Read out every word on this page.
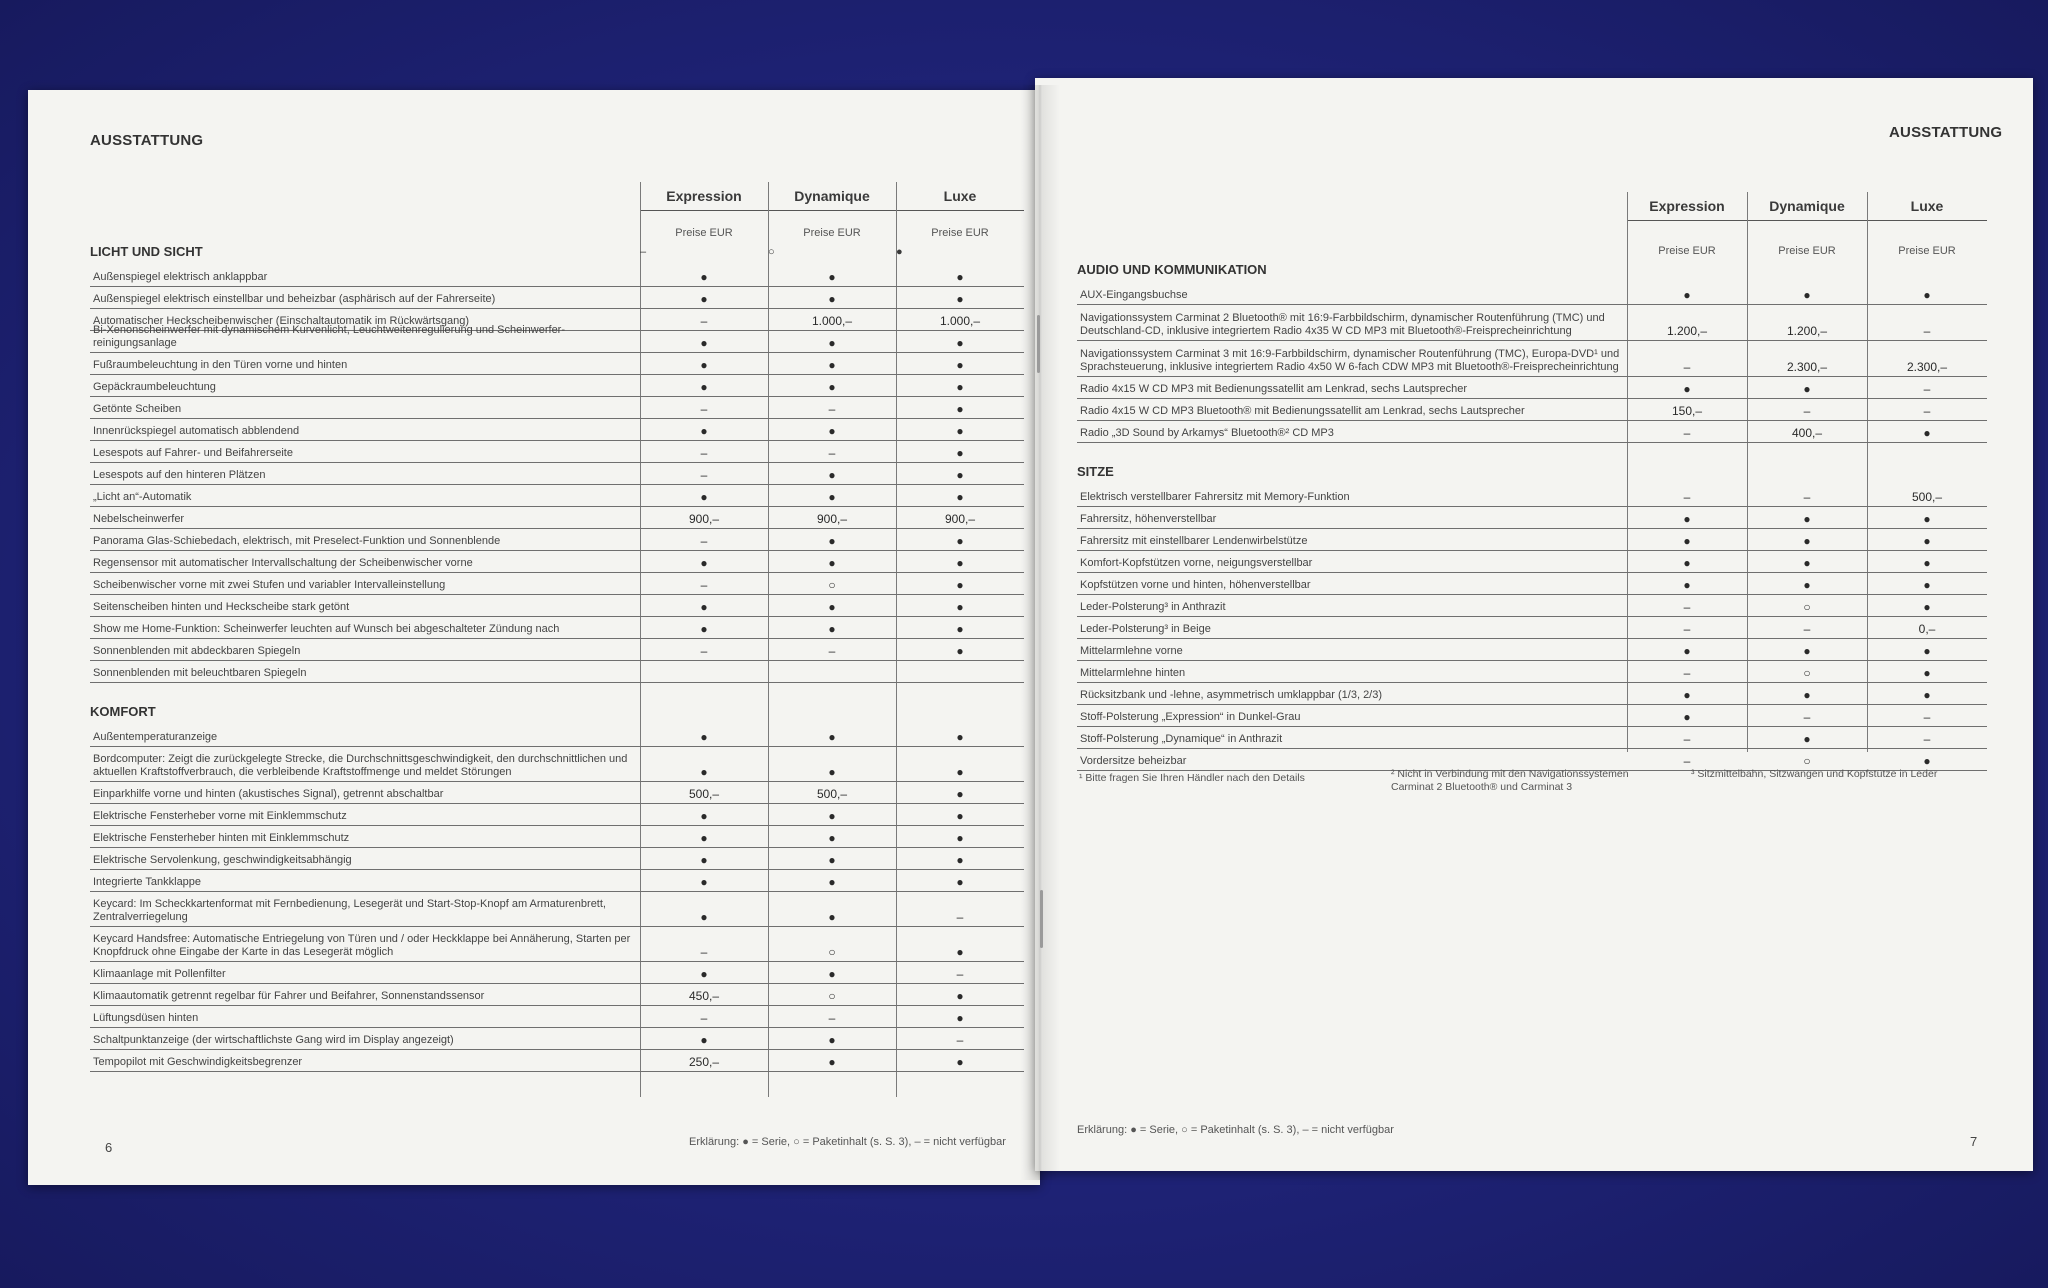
AUSSTATTUNG
Expression	Dynamique	Luxe
Preise EUR	Preise EUR	Preise EUR
LICHT UND SICHT	–	○	●
Außenspiegel elektrisch anklappbar	●	●	●
Außenspiegel elektrisch einstellbar und beheizbar (asphärisch auf der Fahrerseite)	●	●	●
Automatischer Heckscheibenwischer (Einschaltautomatik im Rückwärtsgang)	–	1.000,–	1.000,–
Bi-Xenonscheinwerfer mit dynamischem Kurvenlicht, Leuchtweitenregulierung und Scheinwerferreinigungsanlage	●	●	●
Fußraumbeleuchtung in den Türen vorne und hinten	●	●	●
Gepäckraumbeleuchtung	●	●	●
Getönte Scheiben	–	–	●
Innenrückspiegel automatisch abblendend	●	●	●
Lesespots auf Fahrer- und Beifahrerseite	–	–	●
Lesespots auf den hinteren Plätzen	–	●	●
„Licht an“-Automatik	●	●	●
Nebelscheinwerfer	900,–	900,–	900,–
Panorama Glas-Schiebedach, elektrisch, mit Preselect-Funktion und Sonnenblende	–	●	●
Regensensor mit automatischer Intervallschaltung der Scheibenwischer vorne	●	●	●
Scheibenwischer vorne mit zwei Stufen und variabler Intervalleinstellung	–	○	●
Seitenscheiben hinten und Heckscheibe stark getönt	●	●	●
Show me Home-Funktion: Scheinwerfer leuchten auf Wunsch bei abgeschalteter Zündung nach	●	●	●
Sonnenblenden mit abdeckbaren Spiegeln	–	–	●
Sonnenblenden mit beleuchtbaren Spiegeln
KOMFORT
Außentemperaturanzeige	●	●	●
Bordcomputer: Zeigt die zurückgelegte Strecke, die Durchschnittsgeschwindigkeit, den durchschnittlichen und aktuellen Kraftstoffverbrauch, die verbleibende Kraftstoffmenge und meldet Störungen	●	●	●
Einparkhilfe vorne und hinten (akustisches Signal), getrennt abschaltbar	500,–	500,–	●
Elektrische Fensterheber vorne mit Einklemmschutz	●	●	●
Elektrische Fensterheber hinten mit Einklemmschutz	●	●	●
Elektrische Servolenkung, geschwindigkeitsabhängig	●	●	●
Integrierte Tankklappe	●	●	●
Keycard: Im Scheckkartenformat mit Fernbedienung, Lesegerät und Start-Stop-Knopf am Armaturenbrett, Zentralverriegelung	●	●	–
Keycard Handsfree: Automatische Entriegelung von Türen und / oder Heckklappe bei Annäherung, Starten per Knopfdruck ohne Eingabe der Karte in das Lesegerät möglich	–	○	●
Klimaanlage mit Pollenfilter	●	●	–
Klimaautomatik getrennt regelbar für Fahrer und Beifahrer, Sonnenstandssensor	450,–	○	●
Lüftungsdüsen hinten	–	–	●
Schaltpunktanzeige (der wirtschaftlichste Gang wird im Display angezeigt)	●	●	–
Tempopilot mit Geschwindigkeitsbegrenzer	250,–	●	●
6	Erklärung: ● = Serie, ○ = Paketinhalt (s. S. 3), – = nicht verfügbar
AUSSTATTUNG
Expression	Dynamique	Luxe
Preise EUR	Preise EUR	Preise EUR
AUDIO UND KOMMUNIKATION
AUX-Eingangsbuchse	●	●	●
Navigationssystem Carminat 2 Bluetooth® mit 16:9-Farbbildschirm, dynamischer Routenführung (TMC) und Deutschland-CD, inklusive integriertem Radio 4x35 W CD MP3 mit Bluetooth®-Freisprecheinrichtung	1.200,–	1.200,–	–
Navigationssystem Carminat 3 mit 16:9-Farbbildschirm, dynamischer Routenführung (TMC), Europa-DVD¹ und Sprachsteuerung, inklusive integriertem Radio 4x50 W 6-fach CDW MP3 mit Bluetooth®-Freisprecheinrichtung	–	2.300,–	2.300,–
Radio 4x15 W CD MP3 mit Bedienungssatellit am Lenkrad, sechs Lautsprecher	●	●	–
Radio 4x15 W CD MP3 Bluetooth® mit Bedienungssatellit am Lenkrad, sechs Lautsprecher	150,–	–	–
Radio „3D Sound by Arkamys“ Bluetooth®² CD MP3	–	400,–	●
SITZE
Elektrisch verstellbarer Fahrersitz mit Memory-Funktion	–	–	500,–
Fahrersitz, höhenverstellbar	●	●	●
Fahrersitz mit einstellbarer Lendenwirbelstütze	●	●	●
Komfort-Kopfstützen vorne, neigungsverstellbar	●	●	●
Kopfstützen vorne und hinten, höhenverstellbar	●	●	●
Leder-Polsterung³ in Anthrazit	–	○	●
Leder-Polsterung³ in Beige	–	–	0,–
Mittelarmlehne vorne	●	●	●
Mittelarmlehne hinten	–	○	●
Rücksitzbank und -lehne, asymmetrisch umklappbar (1/3, 2/3)	●	●	●
Stoff-Polsterung „Expression“ in Dunkel-Grau	●	–	–
Stoff-Polsterung „Dynamique“ in Anthrazit	–	●	–
Vordersitze beheizbar	–	○	●
¹ Bitte fragen Sie Ihren Händler nach den Details	² Nicht in Verbindung mit den Navigationssystemen Carminat 2 Bluetooth® und Carminat 3
³ Sitzmittelbahn, Sitzwangen und Kopfstütze in Leder
Erklärung: ● = Serie, ○ = Paketinhalt (s. S. 3), – = nicht verfügbar
7
